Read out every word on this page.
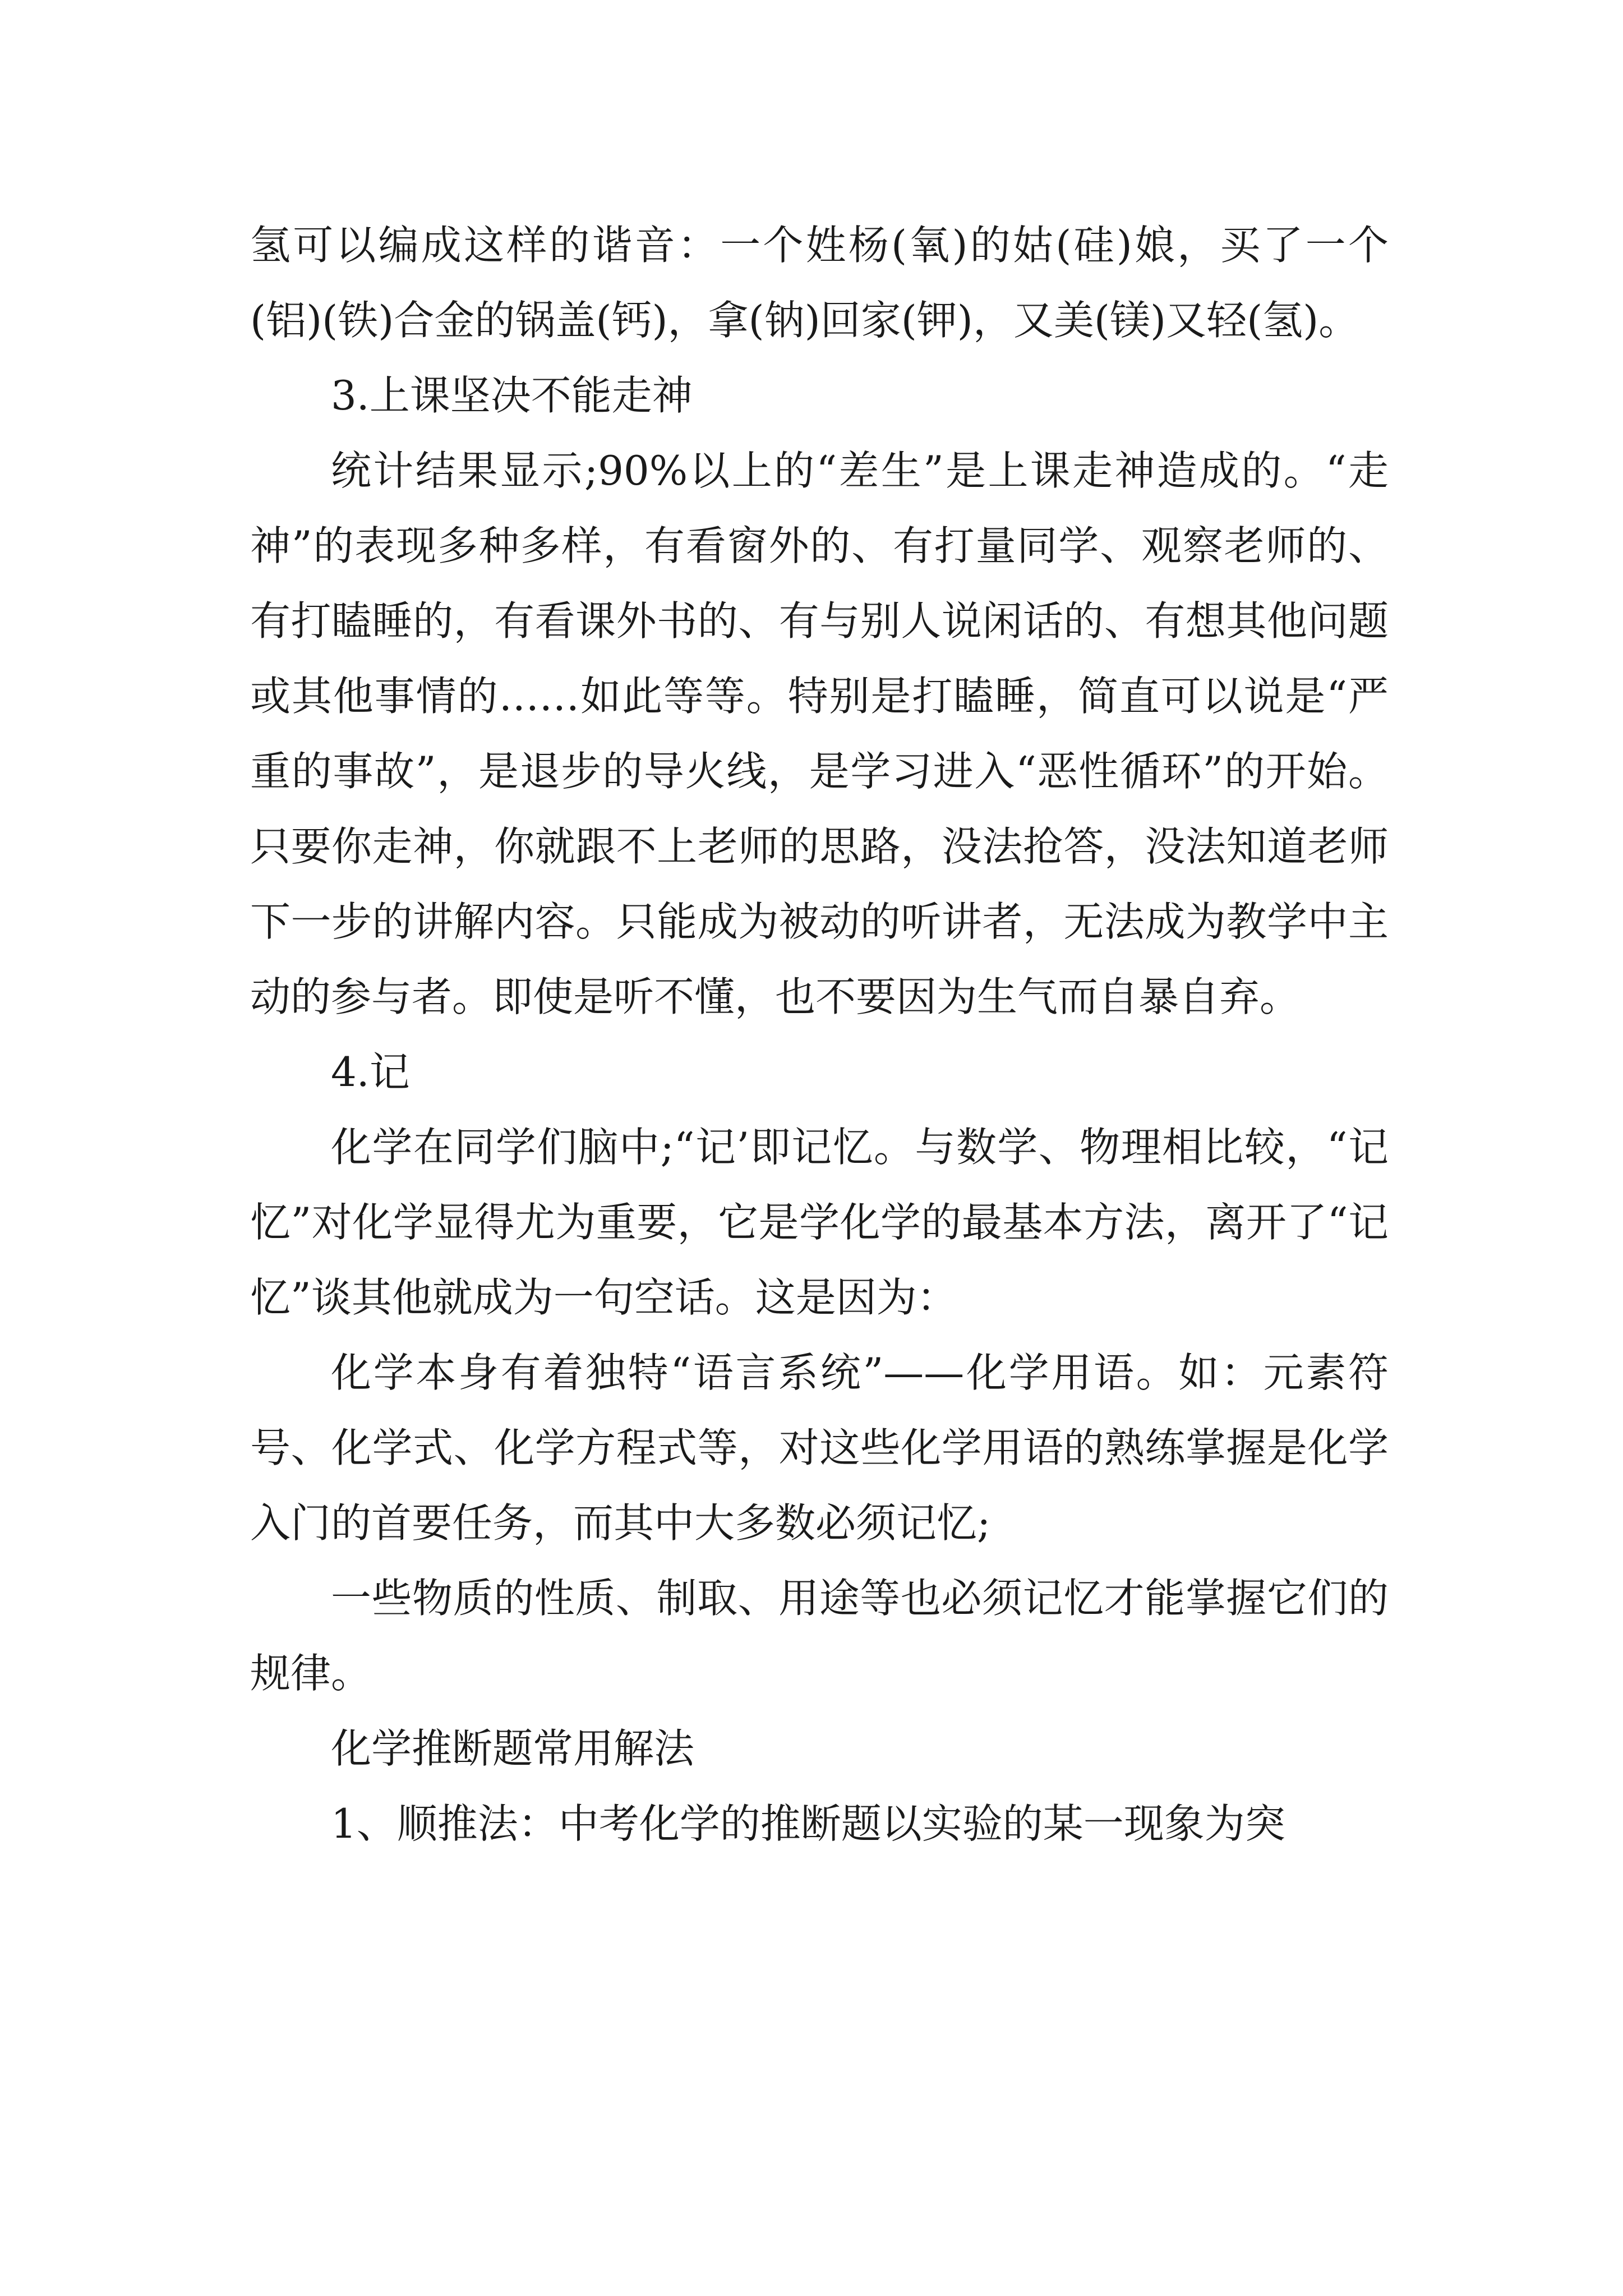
氢可以编成这样的谐音：一个姓杨(氧)的姑(硅)娘，买了一个(铝)(铁)合金的锅盖(钙)，拿(钠)回家(钾)，又美(镁)又轻(氢)。

3.上课坚决不能走神

统计结果显示;90%以上的“差生”是上课走神造成的。“走神”的表现多种多样，有看窗外的、有打量同学、观察老师的、有打瞌睡的，有看课外书的、有与别人说闲话的、有想其他问题或其他事情的……如此等等。特别是打瞌睡，简直可以说是“严重的事故”，是退步的导火线，是学习进入“恶性循环”的开始。只要你走神，你就跟不上老师的思路，没法抢答，没法知道老师下一步的讲解内容。只能成为被动的听讲者，无法成为教学中主动的参与者。即使是听不懂，也不要因为生气而自暴自弃。

4.记

化学在同学们脑中;“记’即记忆。与数学、物理相比较，“记忆”对化学显得尤为重要，它是学化学的最基本方法，离开了“记忆”谈其他就成为一句空话。这是因为：

化学本身有着独特“语言系统”——化学用语。如：元素符号、化学式、化学方程式等，对这些化学用语的熟练掌握是化学入门的首要任务，而其中大多数必须记忆;

一些物质的性质、制取、用途等也必须记忆才能掌握它们的规律。

化学推断题常用解法

1、顺推法：中考化学的推断题以实验的某一现象为突
